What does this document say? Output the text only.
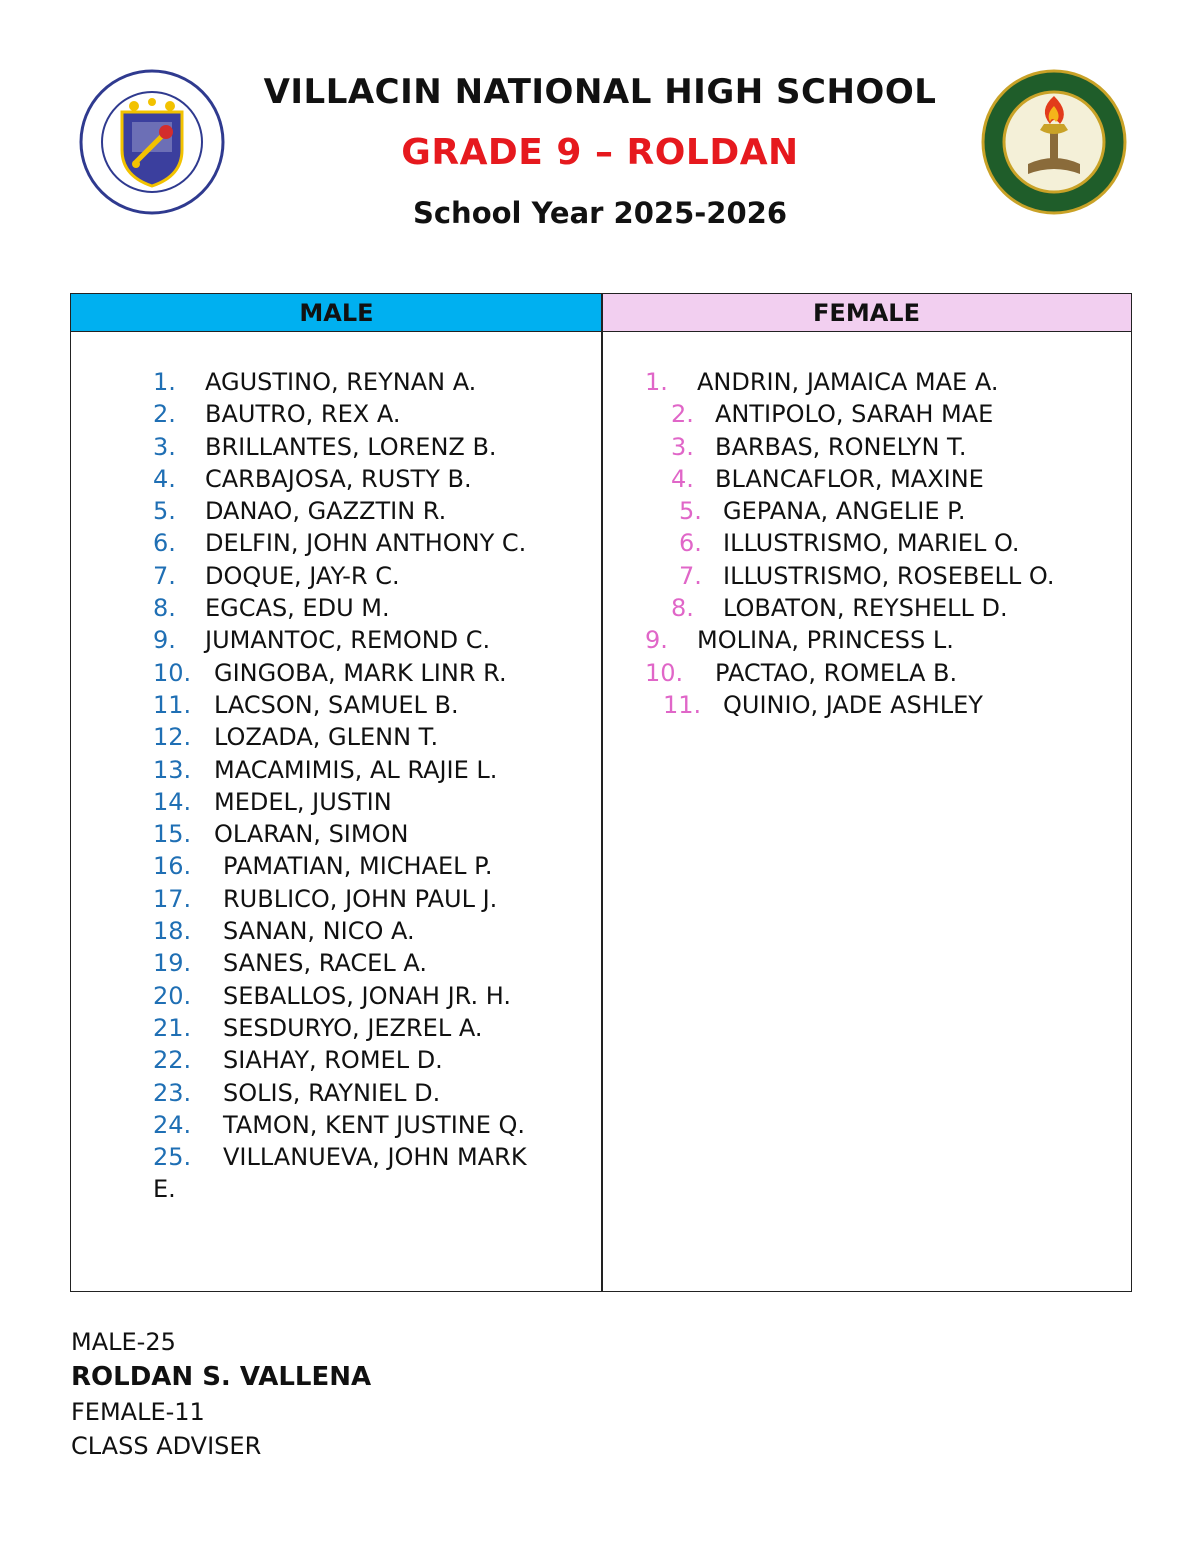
VILLACIN NATIONAL HIGH SCHOOL
GRADE 9 – ROLDAN
School Year 2025-2026
MALE	FEMALE
1. AGUSTINO, REYNAN A.
2. BAUTRO, REX A.
3. BRILLANTES, LORENZ B.
4. CARBAJOSA, RUSTY B.
5. DANAO, GAZZTIN R.
6. DELFIN, JOHN ANTHONY C.
7. DOQUE, JAY-R C.
8. EGCAS, EDU M.
9. JUMANTOC, REMOND C.
10. GINGOBA, MARK LINR R.
11. LACSON, SAMUEL B.
12. LOZADA, GLENN T.
13. MACAMIMIS, AL RAJIE L.
14. MEDEL, JUSTIN
15. OLARAN, SIMON
16. PAMATIAN, MICHAEL P.
17. RUBLICO, JOHN PAUL J.
18. SANAN, NICO A.
19. SANES, RACEL A.
20. SEBALLOS, JONAH JR. H.
21. SESDURYO, JEZREL A.
22. SIAHAY, ROMEL D.
23. SOLIS, RAYNIEL D.
24. TAMON, KENT JUSTINE Q.
25. VILLANUEVA, JOHN MARK
E.
1. ANDRIN, JAMAICA MAE A.
2. ANTIPOLO, SARAH MAE
3. BARBAS, RONELYN T.
4. BLANCAFLOR, MAXINE
5. GEPANA, ANGELIE P.
6. ILLUSTRISMO, MARIEL O.
7. ILLUSTRISMO, ROSEBELL O.
8. LOBATON, REYSHELL D.
9. MOLINA, PRINCESS L.
10. PACTAO, ROMELA B.
11. QUINIO, JADE ASHLEY
MALE-25
ROLDAN S. VALLENA
FEMALE-11
CLASS ADVISER
